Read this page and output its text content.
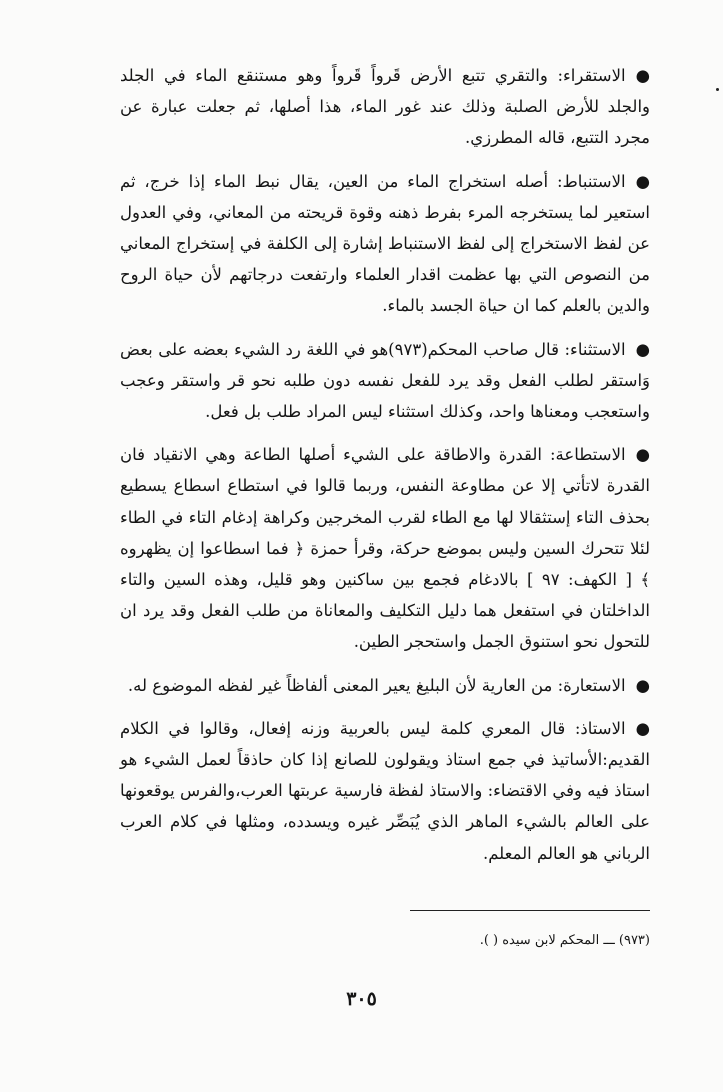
●الاستقراء: والتقري تتبع الأرض قَرواً قَرواً وهو مستنقع الماء في الجلد والجلد للأرض الصلبة وذلك عند غور الماء، هذا أصلها، ثم جعلت عبارة عن مجرد التتبع، قاله المطرزي.

●الاستنباط: أصله استخراج الماء من العين، يقال نبط الماء إذا خرج، ثم استعير لما يستخرجه المرء بفرط ذهنه وقوة قريحته من المعاني، وفي العدول عن لفظ الاستخراج إلى لفظ الاستنباط إشارة إلى الكلفة في إستخراج المعاني من النصوص التي بها عظمت اقدار العلماء وارتفعت درجاتهم لأن حياة الروح والدين بالعلم كما ان حياة الجسد بالماء.

●الاستثناء: قال صاحب المحكم(٩٧٣)هو في اللغة رد الشيء بعضه على بعض وَاستقر لطلب الفعل وقد يرد للفعل نفسه دون طلبه نحو قر واستقر وعجب واستعجب ومعناها واحد، وكذلك استثناء ليس المراد طلب بل فعل.

●الاستطاعة: القدرة والاطاقة على الشيء أصلها الطاعة وهي الانقياد فان القدرة لاتأتي إلا عن مطاوعة النفس، وربما قالوا في استطاع اسطاع يسطيع بحذف التاء إستثقالا لها مع الطاء لقرب المخرجين وكراهة إدغام التاء في الطاء لئلا تتحرك السين وليس بموضع حركة، وقرأ حمزة ﴿ فما اسطاعوا إن يظهروه ﴾ [ الكهف: ٩٧ ] بالادغام فجمع بين ساكنين وهو قليل، وهذه السين والتاء الداخلتان في استفعل هما دليل التكليف والمعاناة من طلب الفعل وقد يرد ان للتحول نحو استنوق الجمل واستحجر الطين.

●الاستعارة: من العارية لأن البليغ يعير المعنى ألفاظاً غير لفظه الموضوع له.

●الاستاذ: قال المعري كلمة ليس بالعربية وزنه إفعال، وقالوا في الكلام القديم:الأساتيذ في جمع استاذ ويقولون للصانع إذا كان حاذقاً لعمل الشيء هو استاذ فيه وفي الاقتضاء: والاستاذ لفظة فارسية عربتها العرب،والفرس يوقعونها على العالم بالشيء الماهر الذي يُبَصِّر غيره ويسدده، ومثلها في كلام العرب الرباني هو العالم المعلم.

(٩٧٣) ـــ المحكم لابن سيده ( ).
٣٠٥
